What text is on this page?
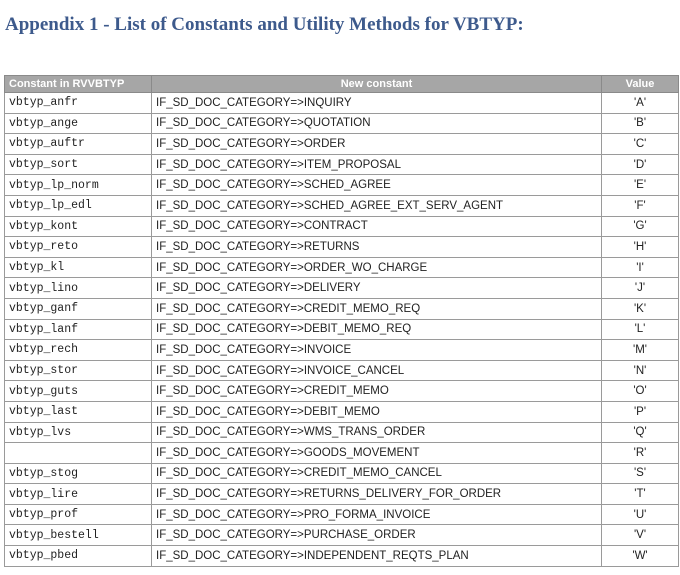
Appendix 1 - List of Constants and Utility Methods for VBTYP:
Constant in RVVBTYP	New constant	Value
vbtyp_anfr	IF_SD_DOC_CATEGORY=>INQUIRY	'A'
vbtyp_ange	IF_SD_DOC_CATEGORY=>QUOTATION	'B'
vbtyp_auftr	IF_SD_DOC_CATEGORY=>ORDER	'C'
vbtyp_sort	IF_SD_DOC_CATEGORY=>ITEM_PROPOSAL	'D'
vbtyp_lp_norm	IF_SD_DOC_CATEGORY=>SCHED_AGREE	'E'
vbtyp_lp_edl	IF_SD_DOC_CATEGORY=>SCHED_AGREE_EXT_SERV_AGENT	'F'
vbtyp_kont	IF_SD_DOC_CATEGORY=>CONTRACT	'G'
vbtyp_reto	IF_SD_DOC_CATEGORY=>RETURNS	'H'
vbtyp_kl	IF_SD_DOC_CATEGORY=>ORDER_WO_CHARGE	'I'
vbtyp_lino	IF_SD_DOC_CATEGORY=>DELIVERY	'J'
vbtyp_ganf	IF_SD_DOC_CATEGORY=>CREDIT_MEMO_REQ	'K'
vbtyp_lanf	IF_SD_DOC_CATEGORY=>DEBIT_MEMO_REQ	'L'
vbtyp_rech	IF_SD_DOC_CATEGORY=>INVOICE	'M'
vbtyp_stor	IF_SD_DOC_CATEGORY=>INVOICE_CANCEL	'N'
vbtyp_guts	IF_SD_DOC_CATEGORY=>CREDIT_MEMO	'O'
vbtyp_last	IF_SD_DOC_CATEGORY=>DEBIT_MEMO	'P'
vbtyp_lvs	IF_SD_DOC_CATEGORY=>WMS_TRANS_ORDER	'Q'
	IF_SD_DOC_CATEGORY=>GOODS_MOVEMENT	'R'
vbtyp_stog	IF_SD_DOC_CATEGORY=>CREDIT_MEMO_CANCEL	'S'
vbtyp_lire	IF_SD_DOC_CATEGORY=>RETURNS_DELIVERY_FOR_ORDER	'T'
vbtyp_prof	IF_SD_DOC_CATEGORY=>PRO_FORMA_INVOICE	'U'
vbtyp_bestell	IF_SD_DOC_CATEGORY=>PURCHASE_ORDER	'V'
vbtyp_pbed	IF_SD_DOC_CATEGORY=>INDEPENDENT_REQTS_PLAN	'W'
